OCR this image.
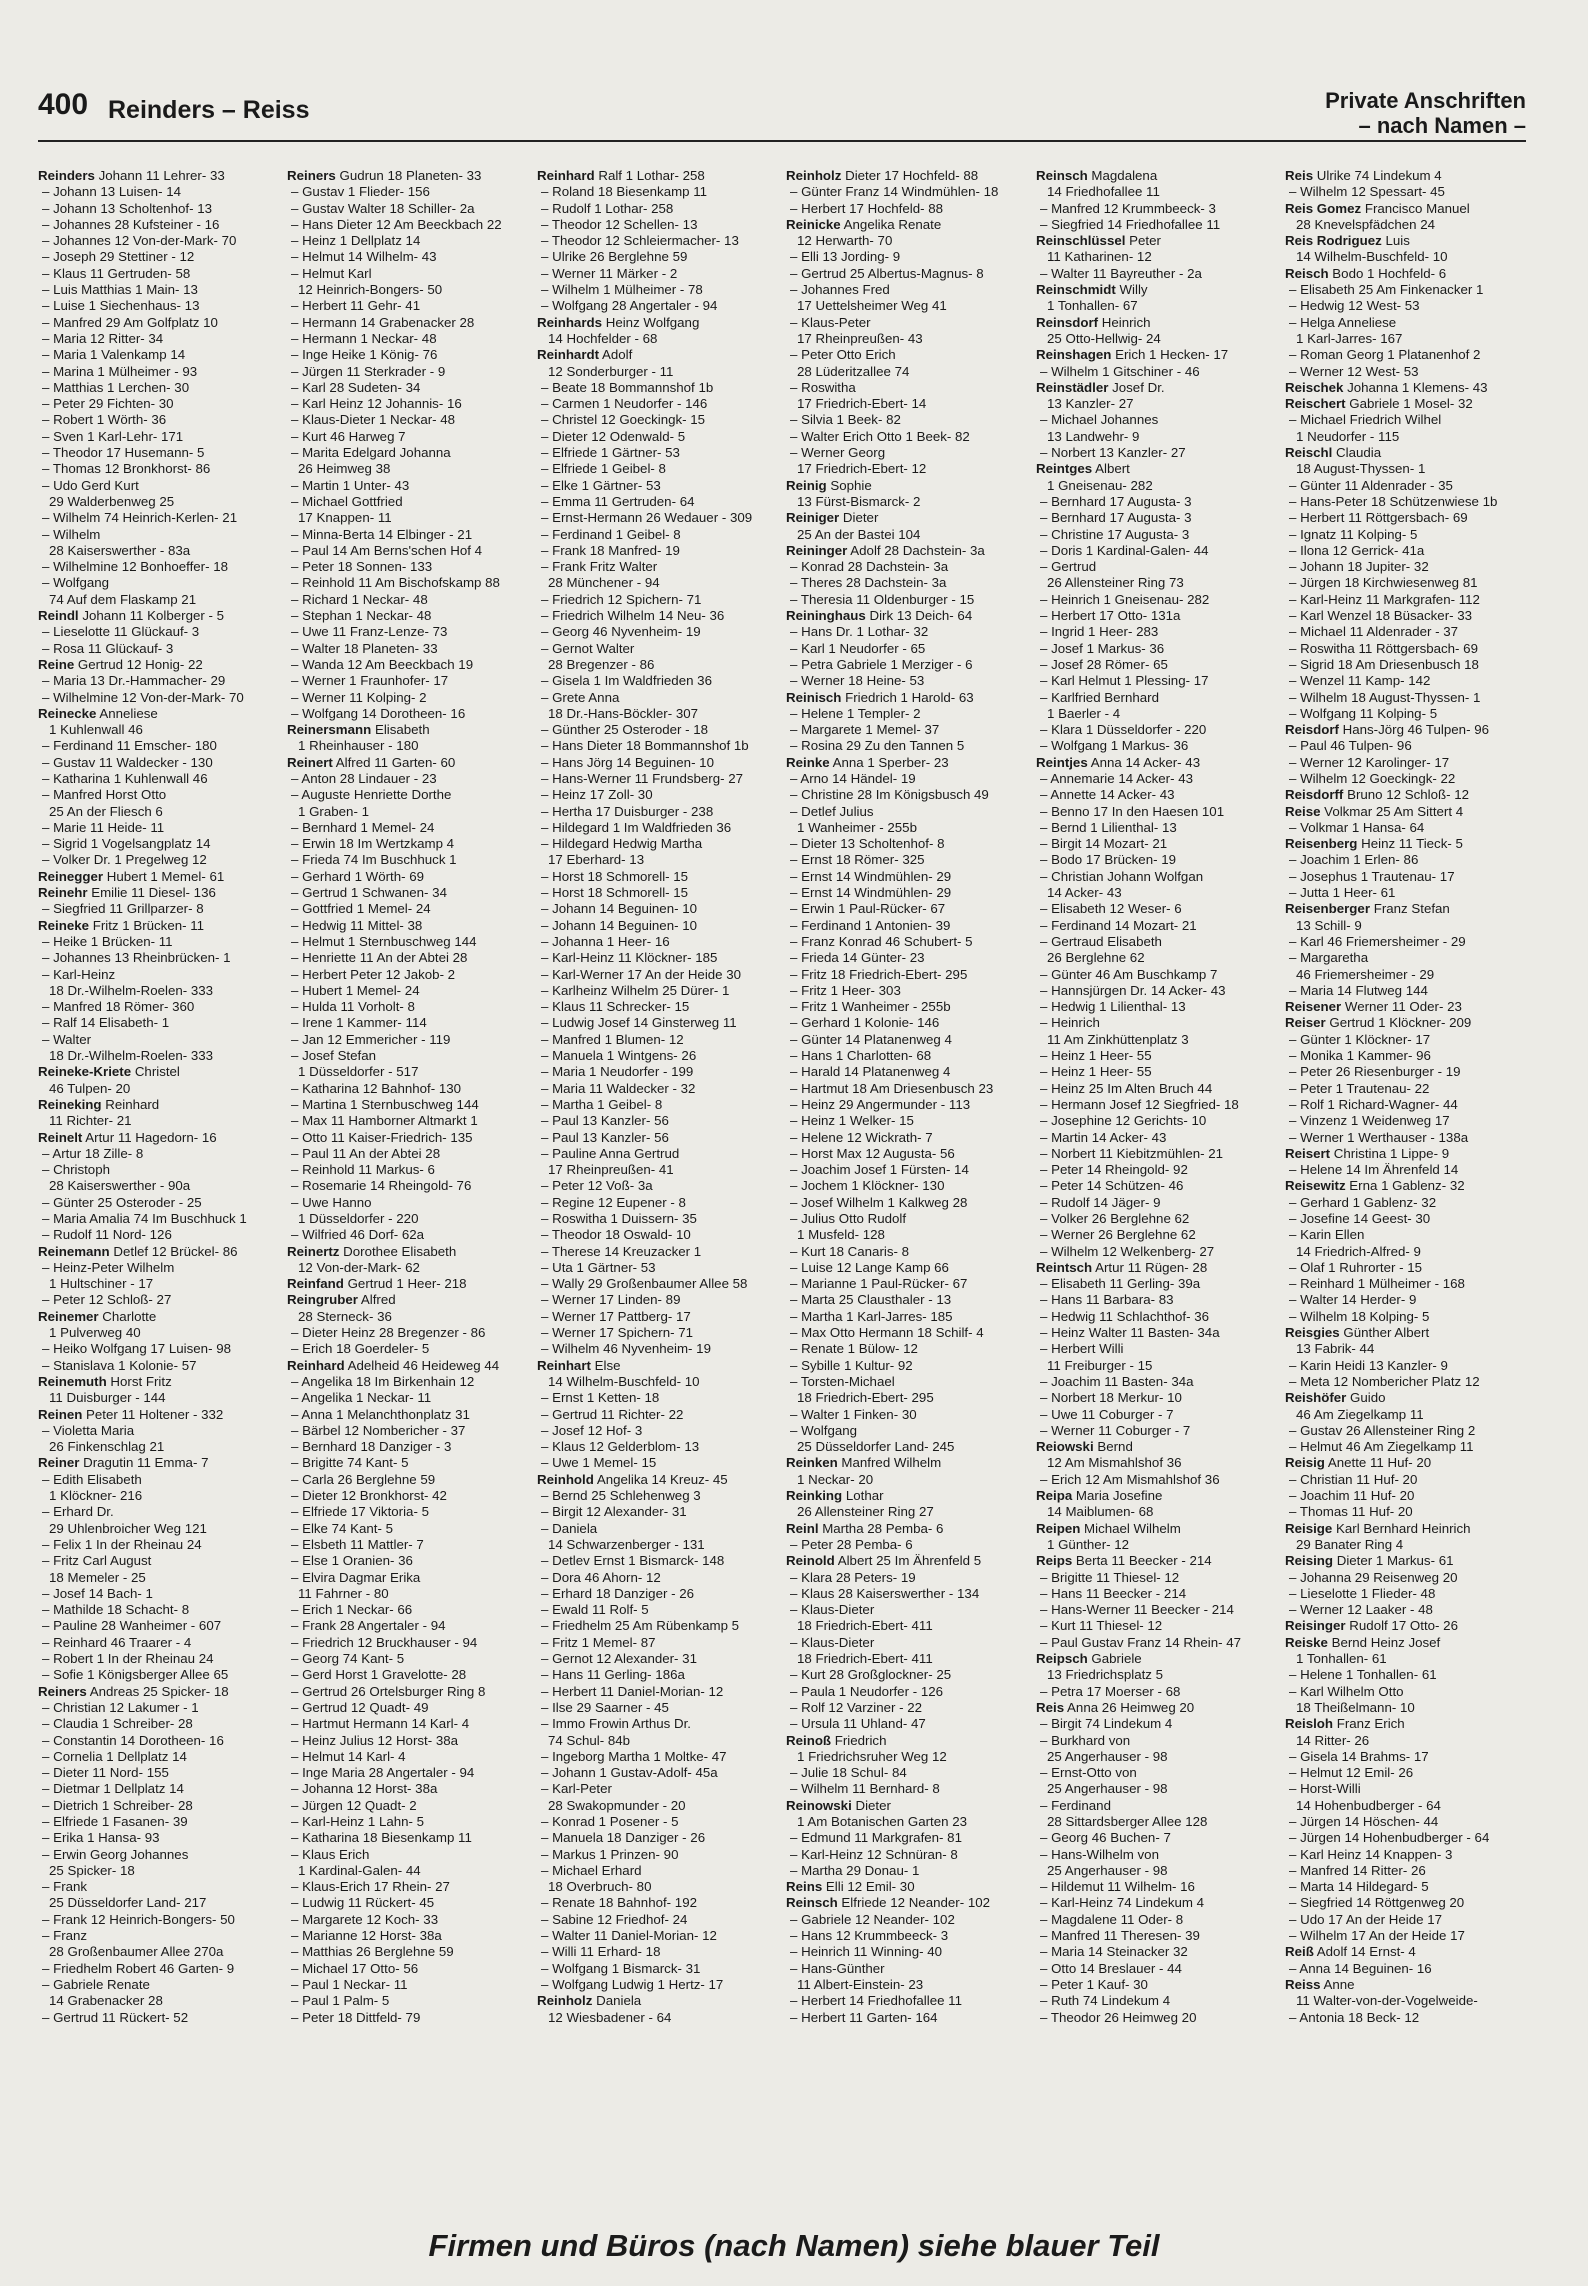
400 Reinders – Reiss	Private Anschriften
– nach Namen –
Reinders Johann 11 Lehrer- 33
– Johann 13 Luisen- 14
– Johann 13 Scholtenhof- 13
– Johannes 28 Kufsteiner - 16
– Johannes 12 Von-der-Mark- 70
– Joseph 29 Stettiner - 12
– Klaus 11 Gertruden- 58
– Luis Matthias 1 Main- 13
– Luise 1 Siechenhaus- 13
– Manfred 29 Am Golfplatz 10
– Maria 12 Ritter- 34
– Maria 1 Valenkamp 14
– Marina 1 Mülheimer - 93
– Matthias 1 Lerchen- 30
– Peter 29 Fichten- 30
– Robert 1 Wörth- 36
– Sven 1 Karl-Lehr- 171
– Theodor 17 Husemann- 5
– Thomas 12 Bronkhorst- 86
– Udo Gerd Kurt
29 Walderbenweg 25
– Wilhelm 74 Heinrich-Kerlen- 21
– Wilhelm
28 Kaiserswerther - 83a
– Wilhelmine 12 Bonhoeffer- 18
– Wolfgang
74 Auf dem Flaskamp 21
Reindl Johann 11 Kolberger - 5
– Lieselotte 11 Glückauf- 3
– Rosa 11 Glückauf- 3
Reine Gertrud 12 Honig- 22
– Maria 13 Dr.-Hammacher- 29
– Wilhelmine 12 Von-der-Mark- 70
Reinecke Anneliese
1 Kuhlenwall 46
– Ferdinand 11 Emscher- 180
– Gustav 11 Waldecker - 130
– Katharina 1 Kuhlenwall 46
– Manfred Horst Otto
25 An der Fliesch 6
– Marie 11 Heide- 11
– Sigrid 1 Vogelsangplatz 14
– Volker Dr. 1 Pregelweg 12
Reinegger Hubert 1 Memel- 61
Reinehr Emilie 11 Diesel- 136
– Siegfried 11 Grillparzer- 8
Reineke Fritz 1 Brücken- 11
– Heike 1 Brücken- 11
– Johannes 13 Rheinbrücken- 1
– Karl-Heinz
18 Dr.-Wilhelm-Roelen- 333
– Manfred 18 Römer- 360
– Ralf 14 Elisabeth- 1
– Walter
18 Dr.-Wilhelm-Roelen- 333
Reineke-Kriete Christel
46 Tulpen- 20
Reineking Reinhard
11 Richter- 21
Reinelt Artur 11 Hagedorn- 16
– Artur 18 Zille- 8
– Christoph
28 Kaiserswerther - 90a
– Günter 25 Osteroder - 25
– Maria Amalia 74 Im Buschhuck 1
– Rudolf 11 Nord- 126
Reinemann Detlef 12 Brückel- 86
– Heinz-Peter Wilhelm
1 Hultschiner - 17
– Peter 12 Schloß- 27
Reinemer Charlotte
1 Pulverweg 40
– Heiko Wolfgang 17 Luisen- 98
– Stanislava 1 Kolonie- 57
Reinemuth Horst Fritz
11 Duisburger - 144
Reinen Peter 11 Holtener - 332
– Violetta Maria
26 Finkenschlag 21
Reiner Dragutin 11 Emma- 7
– Edith Elisabeth
1 Klöckner- 216
– Erhard Dr.
29 Uhlenbroicher Weg 121
– Felix 1 In der Rheinau 24
– Fritz Carl August
18 Memeler - 25
– Josef 14 Bach- 1
– Mathilde 18 Schacht- 8
– Pauline 28 Wanheimer - 607
– Reinhard 46 Traarer - 4
– Robert 1 In der Rheinau 24
– Sofie 1 Königsberger Allee 65
Reiners Andreas 25 Spicker- 18
– Christian 12 Lakumer - 1
– Claudia 1 Schreiber- 28
– Constantin 14 Dorotheen- 16
– Cornelia 1 Dellplatz 14
– Dieter 11 Nord- 155
– Dietmar 1 Dellplatz 14
– Dietrich 1 Schreiber- 28
– Elfriede 1 Fasanen- 39
– Erika 1 Hansa- 93
– Erwin Georg Johannes
25 Spicker- 18
– Frank
25 Düsseldorfer Land- 217
– Frank 12 Heinrich-Bongers- 50
– Franz
28 Großenbaumer Allee 270a
– Friedhelm Robert 46 Garten- 9
– Gabriele Renate
14 Grabenacker 28
– Gertrud 11 Rückert- 52
Reiners Gudrun 18 Planeten- 33
– Gustav 1 Flieder- 156
– Gustav Walter 18 Schiller- 2a
– Hans Dieter 12 Am Beeckbach 22
– Heinz 1 Dellplatz 14
– Helmut 14 Wilhelm- 43
– Helmut Karl
12 Heinrich-Bongers- 50
– Herbert 11 Gehr- 41
– Hermann 14 Grabenacker 28
– Hermann 1 Neckar- 48
– Inge Heike 1 König- 76
– Jürgen 11 Sterkrader - 9
– Karl 28 Sudeten- 34
– Karl Heinz 12 Johannis- 16
– Klaus-Dieter 1 Neckar- 48
– Kurt 46 Harweg 7
– Marita Edelgard Johanna
26 Heimweg 38
– Martin 1 Unter- 43
– Michael Gottfried
17 Knappen- 11
– Minna-Berta 14 Elbinger - 21
– Paul 14 Am Berns'schen Hof 4
– Peter 18 Sonnen- 133
– Reinhold 11 Am Bischofskamp 88
– Richard 1 Neckar- 48
– Stephan 1 Neckar- 48
– Uwe 11 Franz-Lenze- 73
– Walter 18 Planeten- 33
– Wanda 12 Am Beeckbach 19
– Werner 1 Fraunhofer- 17
– Werner 11 Kolping- 2
– Wolfgang 14 Dorotheen- 16
Reinersmann Elisabeth
1 Rheinhauser - 180
Reinert Alfred 11 Garten- 60
– Anton 28 Lindauer - 23
– Auguste Henriette Dorthe
1 Graben- 1
– Bernhard 1 Memel- 24
– Erwin 18 Im Wertzkamp 4
– Frieda 74 Im Buschhuck 1
– Gerhard 1 Wörth- 69
– Gertrud 1 Schwanen- 34
– Gottfried 1 Memel- 24
– Hedwig 11 Mittel- 38
– Helmut 1 Sternbuschweg 144
– Henriette 11 An der Abtei 28
– Herbert Peter 12 Jakob- 2
– Hubert 1 Memel- 24
– Hulda 11 Vorholt- 8
– Irene 1 Kammer- 114
– Jan 12 Emmericher - 119
– Josef Stefan
1 Düsseldorfer - 517
– Katharina 12 Bahnhof- 130
– Martina 1 Sternbuschweg 144
– Max 11 Hamborner Altmarkt 1
– Otto 11 Kaiser-Friedrich- 135
– Paul 11 An der Abtei 28
– Reinhold 11 Markus- 6
– Rosemarie 14 Rheingold- 76
– Uwe Hanno
1 Düsseldorfer - 220
– Wilfried 46 Dorf- 62a
Reinertz Dorothee Elisabeth
12 Von-der-Mark- 62
Reinfand Gertrud 1 Heer- 218
Reingruber Alfred
28 Sterneck- 36
– Dieter Heinz 28 Bregenzer - 86
– Erich 18 Goerdeler- 5
Reinhard Adelheid 46 Heideweg 44
– Angelika 18 Im Birkenhain 12
– Angelika 1 Neckar- 11
– Anna 1 Melanchthonplatz 31
– Bärbel 12 Nombericher - 37
– Bernhard 18 Danziger - 3
– Brigitte 74 Kant- 5
– Carla 26 Berglehne 59
– Dieter 12 Bronkhorst- 42
– Elfriede 17 Viktoria- 5
– Elke 74 Kant- 5
– Elsbeth 11 Mattler- 7
– Else 1 Oranien- 36
– Elvira Dagmar Erika
11 Fahrner - 80
– Erich 1 Neckar- 66
– Frank 28 Angertaler - 94
– Friedrich 12 Bruckhauser - 94
– Georg 74 Kant- 5
– Gerd Horst 1 Gravelotte- 28
– Gertrud 26 Ortelsburger Ring 8
– Gertrud 12 Quadt- 49
– Hartmut Hermann 14 Karl- 4
– Heinz Julius 12 Horst- 38a
– Helmut 14 Karl- 4
– Inge Maria 28 Angertaler - 94
– Johanna 12 Horst- 38a
– Jürgen 12 Quadt- 2
– Karl-Heinz 1 Lahn- 5
– Katharina 18 Biesenkamp 11
– Klaus Erich
1 Kardinal-Galen- 44
– Klaus-Erich 17 Rhein- 27
– Ludwig 11 Rückert- 45
– Margarete 12 Koch- 33
– Marianne 12 Horst- 38a
– Matthias 26 Berglehne 59
– Michael 17 Otto- 56
– Paul 1 Neckar- 11
– Paul 1 Palm- 5
– Peter 18 Dittfeld- 79
Reinhard Ralf 1 Lothar- 258
– Roland 18 Biesenkamp 11
– Rudolf 1 Lothar- 258
– Theodor 12 Schellen- 13
– Theodor 12 Schleiermacher- 13
– Ulrike 26 Berglehne 59
– Werner 11 Märker - 2
– Wilhelm 1 Mülheimer - 78
– Wolfgang 28 Angertaler - 94
Reinhards Heinz Wolfgang
14 Hochfelder - 68
Reinhardt Adolf
12 Sonderburger - 11
– Beate 18 Bommannshof 1b
– Carmen 1 Neudorfer - 146
– Christel 12 Goeckingk- 15
– Dieter 12 Odenwald- 5
– Elfriede 1 Gärtner- 53
– Elfriede 1 Geibel- 8
– Elke 1 Gärtner- 53
– Emma 11 Gertruden- 64
– Ernst-Hermann 26 Wedauer - 309
– Ferdinand 1 Geibel- 8
– Frank 18 Manfred- 19
– Frank Fritz Walter
28 Münchener - 94
– Friedrich 12 Spichern- 71
– Friedrich Wilhelm 14 Neu- 36
– Georg 46 Nyvenheim- 19
– Gernot Walter
28 Bregenzer - 86
– Gisela 1 Im Waldfrieden 36
– Grete Anna
18 Dr.-Hans-Böckler- 307
– Günther 25 Osteroder - 18
– Hans Dieter 18 Bommannshof 1b
– Hans Jörg 14 Beguinen- 10
– Hans-Werner 11 Frundsberg- 27
– Heinz 17 Zoll- 30
– Hertha 17 Duisburger - 238
– Hildegard 1 Im Waldfrieden 36
– Hildegard Hedwig Martha
17 Eberhard- 13
– Horst 18 Schmorell- 15
– Horst 18 Schmorell- 15
– Johann 14 Beguinen- 10
– Johann 14 Beguinen- 10
– Johanna 1 Heer- 16
– Karl-Heinz 11 Klöckner- 185
– Karl-Werner 17 An der Heide 30
– Karlheinz Wilhelm 25 Dürer- 1
– Klaus 11 Schrecker- 15
– Ludwig Josef 14 Ginsterweg 11
– Manfred 1 Blumen- 12
– Manuela 1 Wintgens- 26
– Maria 1 Neudorfer - 199
– Maria 11 Waldecker - 32
– Martha 1 Geibel- 8
– Paul 13 Kanzler- 56
– Paul 13 Kanzler- 56
– Pauline Anna Gertrud
17 Rheinpreußen- 41
– Peter 12 Voß- 3a
– Regine 12 Eupener - 8
– Roswitha 1 Duissern- 35
– Theodor 18 Oswald- 10
– Therese 14 Kreuzacker 1
– Uta 1 Gärtner- 53
– Wally 29 Großenbaumer Allee 58
– Werner 17 Linden- 89
– Werner 17 Pattberg- 17
– Werner 17 Spichern- 71
– Wilhelm 46 Nyvenheim- 19
Reinhart Else
14 Wilhelm-Buschfeld- 10
– Ernst 1 Ketten- 18
– Gertrud 11 Richter- 22
– Josef 12 Hof- 3
– Klaus 12 Gelderblom- 13
– Uwe 1 Memel- 15
Reinhold Angelika 14 Kreuz- 45
– Bernd 25 Schlehenweg 3
– Birgit 12 Alexander- 31
– Daniela
14 Schwarzenberger - 131
– Detlev Ernst 1 Bismarck- 148
– Dora 46 Ahorn- 12
– Erhard 18 Danziger - 26
– Ewald 11 Rolf- 5
– Friedhelm 25 Am Rübenkamp 5
– Fritz 1 Memel- 87
– Gernot 12 Alexander- 31
– Hans 11 Gerling- 186a
– Herbert 11 Daniel-Morian- 12
– Ilse 29 Saarner - 45
– Immo Frowin Arthus Dr.
74 Schul- 84b
– Ingeborg Martha 1 Moltke- 47
– Johann 1 Gustav-Adolf- 45a
– Karl-Peter
28 Swakopmunder - 20
– Konrad 1 Posener - 5
– Manuela 18 Danziger - 26
– Markus 1 Prinzen- 90
– Michael Erhard
18 Overbruch- 80
– Renate 18 Bahnhof- 192
– Sabine 12 Friedhof- 24
– Walter 11 Daniel-Morian- 12
– Willi 11 Erhard- 18
– Wolfgang 1 Bismarck- 31
– Wolfgang Ludwig 1 Hertz- 17
Reinholz Daniela
12 Wiesbadener - 64
Reinholz Dieter 17 Hochfeld- 88
– Günter Franz 14 Windmühlen- 18
– Herbert 17 Hochfeld- 88
Reinicke Angelika Renate
12 Herwarth- 70
– Elli 13 Jording- 9
– Gertrud 25 Albertus-Magnus- 8
– Johannes Fred
17 Uettelsheimer Weg 41
– Klaus-Peter
17 Rheinpreußen- 43
– Peter Otto Erich
28 Lüderitzallee 74
– Roswitha
17 Friedrich-Ebert- 14
– Silvia 1 Beek- 82
– Walter Erich Otto 1 Beek- 82
– Werner Georg
17 Friedrich-Ebert- 12
Reinig Sophie
13 Fürst-Bismarck- 2
Reiniger Dieter
25 An der Bastei 104
Reininger Adolf 28 Dachstein- 3a
– Konrad 28 Dachstein- 3a
– Theres 28 Dachstein- 3a
– Theresia 11 Oldenburger - 15
Reininghaus Dirk 13 Deich- 64
– Hans Dr. 1 Lothar- 32
– Karl 1 Neudorfer - 65
– Petra Gabriele 1 Merziger - 6
– Werner 18 Heine- 53
Reinisch Friedrich 1 Harold- 63
– Helene 1 Templer- 2
– Margarete 1 Memel- 37
– Rosina 29 Zu den Tannen 5
Reinke Anna 1 Sperber- 23
– Arno 14 Händel- 19
– Christine 28 Im Königsbusch 49
– Detlef Julius
1 Wanheimer - 255b
– Dieter 13 Scholtenhof- 8
– Ernst 18 Römer- 325
– Ernst 14 Windmühlen- 29
– Ernst 14 Windmühlen- 29
– Erwin 1 Paul-Rücker- 67
– Ferdinand 1 Antonien- 39
– Franz Konrad 46 Schubert- 5
– Frieda 14 Günter- 23
– Fritz 18 Friedrich-Ebert- 295
– Fritz 1 Heer- 303
– Fritz 1 Wanheimer - 255b
– Gerhard 1 Kolonie- 146
– Günter 14 Platanenweg 4
– Hans 1 Charlotten- 68
– Harald 14 Platanenweg 4
– Hartmut 18 Am Driesenbusch 23
– Heinz 29 Angermunder - 113
– Heinz 1 Welker- 15
– Helene 12 Wickrath- 7
– Horst Max 12 Augusta- 56
– Joachim Josef 1 Fürsten- 14
– Jochem 1 Klöckner- 130
– Josef Wilhelm 1 Kalkweg 28
– Julius Otto Rudolf
1 Musfeld- 128
– Kurt 18 Canaris- 8
– Luise 12 Lange Kamp 66
– Marianne 1 Paul-Rücker- 67
– Marta 25 Clausthaler - 13
– Martha 1 Karl-Jarres- 185
– Max Otto Hermann 18 Schilf- 4
– Renate 1 Bülow- 12
– Sybille 1 Kultur- 92
– Torsten-Michael
18 Friedrich-Ebert- 295
– Walter 1 Finken- 30
– Wolfgang
25 Düsseldorfer Land- 245
Reinken Manfred Wilhelm
1 Neckar- 20
Reinking Lothar
26 Allensteiner Ring 27
Reinl Martha 28 Pemba- 6
– Peter 28 Pemba- 6
Reinold Albert 25 Im Ährenfeld 5
– Klara 28 Peters- 19
– Klaus 28 Kaiserswerther - 134
– Klaus-Dieter
18 Friedrich-Ebert- 411
– Klaus-Dieter
18 Friedrich-Ebert- 411
– Kurt 28 Großglockner- 25
– Paula 1 Neudorfer - 126
– Rolf 12 Varziner - 22
– Ursula 11 Uhland- 47
Reinoß Friedrich
1 Friedrichsruher Weg 12
– Julie 18 Schul- 84
– Wilhelm 11 Bernhard- 8
Reinowski Dieter
1 Am Botanischen Garten 23
– Edmund 11 Markgrafen- 81
– Karl-Heinz 12 Schnüran- 8
– Martha 29 Donau- 1
Reins Elli 12 Emil- 30
Reinsch Elfriede 12 Neander- 102
– Gabriele 12 Neander- 102
– Hans 12 Krummbeeck- 3
– Heinrich 11 Winning- 40
– Hans-Günther
11 Albert-Einstein- 23
– Herbert 14 Friedhofallee 11
– Herbert 11 Garten- 164
Reinsch Magdalena
14 Friedhofallee 11
– Manfred 12 Krummbeeck- 3
– Siegfried 14 Friedhofallee 11
Reinschlüssel Peter
11 Katharinen- 12
– Walter 11 Bayreuther - 2a
Reinschmidt Willy
1 Tonhallen- 67
Reinsdorf Heinrich
25 Otto-Hellwig- 24
Reinshagen Erich 1 Hecken- 17
– Wilhelm 1 Gitschiner - 46
Reinstädler Josef Dr.
13 Kanzler- 27
– Michael Johannes
13 Landwehr- 9
– Norbert 13 Kanzler- 27
Reintges Albert
1 Gneisenau- 282
– Bernhard 17 Augusta- 3
– Bernhard 17 Augusta- 3
– Christine 17 Augusta- 3
– Doris 1 Kardinal-Galen- 44
– Gertrud
26 Allensteiner Ring 73
– Heinrich 1 Gneisenau- 282
– Herbert 17 Otto- 131a
– Ingrid 1 Heer- 283
– Josef 1 Markus- 36
– Josef 28 Römer- 65
– Karl Helmut 1 Plessing- 17
– Karlfried Bernhard
1 Baerler - 4
– Klara 1 Düsseldorfer - 220
– Wolfgang 1 Markus- 36
Reintjes Anna 14 Acker- 43
– Annemarie 14 Acker- 43
– Annette 14 Acker- 43
– Benno 17 In den Haesen 101
– Bernd 1 Lilienthal- 13
– Birgit 14 Mozart- 21
– Bodo 17 Brücken- 19
– Christian Johann Wolfgan
14 Acker- 43
– Elisabeth 12 Weser- 6
– Ferdinand 14 Mozart- 21
– Gertraud Elisabeth
26 Berglehne 62
– Günter 46 Am Buschkamp 7
– Hannsjürgen Dr. 14 Acker- 43
– Hedwig 1 Lilienthal- 13
– Heinrich
11 Am Zinkhüttenplatz 3
– Heinz 1 Heer- 55
– Heinz 1 Heer- 55
– Heinz 25 Im Alten Bruch 44
– Hermann Josef 12 Siegfried- 18
– Josephine 12 Gerichts- 10
– Martin 14 Acker- 43
– Norbert 11 Kiebitzmühlen- 21
– Peter 14 Rheingold- 92
– Peter 14 Schützen- 46
– Rudolf 14 Jäger- 9
– Volker 26 Berglehne 62
– Werner 26 Berglehne 62
– Wilhelm 12 Welkenberg- 27
Reintsch Artur 11 Rügen- 28
– Elisabeth 11 Gerling- 39a
– Hans 11 Barbara- 83
– Hedwig 11 Schlachthof- 36
– Heinz Walter 11 Basten- 34a
– Herbert Willi
11 Freiburger - 15
– Joachim 11 Basten- 34a
– Norbert 18 Merkur- 10
– Uwe 11 Coburger - 7
– Werner 11 Coburger - 7
Reiowski Bernd
12 Am Mismahlshof 36
– Erich 12 Am Mismahlshof 36
Reipa Maria Josefine
14 Maiblumen- 68
Reipen Michael Wilhelm
1 Günther- 12
Reips Berta 11 Beecker - 214
– Brigitte 11 Thiesel- 12
– Hans 11 Beecker - 214
– Hans-Werner 11 Beecker - 214
– Kurt 11 Thiesel- 12
– Paul Gustav Franz 14 Rhein- 47
Reipsch Gabriele
13 Friedrichsplatz 5
– Petra 17 Moerser - 68
Reis Anna 26 Heimweg 20
– Birgit 74 Lindekum 4
– Burkhard von
25 Angerhauser - 98
– Ernst-Otto von
25 Angerhauser - 98
– Ferdinand
28 Sittardsberger Allee 128
– Georg 46 Buchen- 7
– Hans-Wilhelm von
25 Angerhauser - 98
– Hildemut 11 Wilhelm- 16
– Karl-Heinz 74 Lindekum 4
– Magdalene 11 Oder- 8
– Manfred 11 Theresen- 39
– Maria 14 Steinacker 32
– Otto 14 Breslauer - 44
– Peter 1 Kauf- 30
– Ruth 74 Lindekum 4
– Theodor 26 Heimweg 20
Reis Ulrike 74 Lindekum 4
– Wilhelm 12 Spessart- 45
Reis Gomez Francisco Manuel
28 Knevelspfädchen 24
Reis Rodriguez Luis
14 Wilhelm-Buschfeld- 10
Reisch Bodo 1 Hochfeld- 6
– Elisabeth 25 Am Finkenacker 1
– Hedwig 12 West- 53
– Helga Anneliese
1 Karl-Jarres- 167
– Roman Georg 1 Platanenhof 2
– Werner 12 West- 53
Reischek Johanna 1 Klemens- 43
Reischert Gabriele 1 Mosel- 32
– Michael Friedrich Wilhel
1 Neudorfer - 115
Reischl Claudia
18 August-Thyssen- 1
– Günter 11 Aldenrader - 35
– Hans-Peter 18 Schützenwiese 1b
– Herbert 11 Röttgersbach- 69
– Ignatz 11 Kolping- 5
– Ilona 12 Gerrick- 41a
– Johann 18 Jupiter- 32
– Jürgen 18 Kirchwiesenweg 81
– Karl-Heinz 11 Markgrafen- 112
– Karl Wenzel 18 Büsacker- 33
– Michael 11 Aldenrader - 37
– Roswitha 11 Röttgersbach- 69
– Sigrid 18 Am Driesenbusch 18
– Wenzel 11 Kamp- 142
– Wilhelm 18 August-Thyssen- 1
– Wolfgang 11 Kolping- 5
Reisdorf Hans-Jörg 46 Tulpen- 96
– Paul 46 Tulpen- 96
– Werner 12 Karolinger- 17
– Wilhelm 12 Goeckingk- 22
Reisdorff Bruno 12 Schloß- 12
Reise Volkmar 25 Am Sittert 4
– Volkmar 1 Hansa- 64
Reisenberg Heinz 11 Tieck- 5
– Joachim 1 Erlen- 86
– Josephus 1 Trautenau- 17
– Jutta 1 Heer- 61
Reisenberger Franz Stefan
13 Schill- 9
– Karl 46 Friemersheimer - 29
– Margaretha
46 Friemersheimer - 29
– Maria 14 Flutweg 144
Reisener Werner 11 Oder- 23
Reiser Gertrud 1 Klöckner- 209
– Günter 1 Klöckner- 17
– Monika 1 Kammer- 96
– Peter 26 Riesenburger - 19
– Peter 1 Trautenau- 22
– Rolf 1 Richard-Wagner- 44
– Vinzenz 1 Weidenweg 17
– Werner 1 Werthauser - 138a
Reisert Christina 1 Lippe- 9
– Helene 14 Im Ährenfeld 14
Reisewitz Erna 1 Gablenz- 32
– Gerhard 1 Gablenz- 32
– Josefine 14 Geest- 30
– Karin Ellen
14 Friedrich-Alfred- 9
– Olaf 1 Ruhrorter - 15
– Reinhard 1 Mülheimer - 168
– Walter 14 Herder- 9
– Wilhelm 18 Kolping- 5
Reisgies Günther Albert
13 Fabrik- 44
– Karin Heidi 13 Kanzler- 9
– Meta 12 Nombericher Platz 12
Reishöfer Guido
46 Am Ziegelkamp 11
– Gustav 26 Allensteiner Ring 2
– Helmut 46 Am Ziegelkamp 11
Reisig Anette 11 Huf- 20
– Christian 11 Huf- 20
– Joachim 11 Huf- 20
– Thomas 11 Huf- 20
Reisige Karl Bernhard Heinrich
29 Banater Ring 4
Reising Dieter 1 Markus- 61
– Johanna 29 Reisenweg 20
– Lieselotte 1 Flieder- 48
– Werner 12 Laaker - 48
Reisinger Rudolf 17 Otto- 26
Reiske Bernd Heinz Josef
1 Tonhallen- 61
– Helene 1 Tonhallen- 61
– Karl Wilhelm Otto
18 Theißelmann- 10
Reisloh Franz Erich
14 Ritter- 26
– Gisela 14 Brahms- 17
– Helmut 12 Emil- 26
– Horst-Willi
14 Hohenbudberger - 64
– Jürgen 14 Höschen- 44
– Jürgen 14 Hohenbudberger - 64
– Karl Heinz 14 Knappen- 3
– Manfred 14 Ritter- 26
– Marta 14 Hildegard- 5
– Siegfried 14 Röttgenweg 20
– Udo 17 An der Heide 17
– Wilhelm 17 An der Heide 17
Reiß Adolf 14 Ernst- 4
– Anna 14 Beguinen- 16
Reiss Anne
11 Walter-von-der-Vogelweide-
– Antonia 18 Beck- 12
Firmen und Büros (nach Namen) siehe blauer Teil
